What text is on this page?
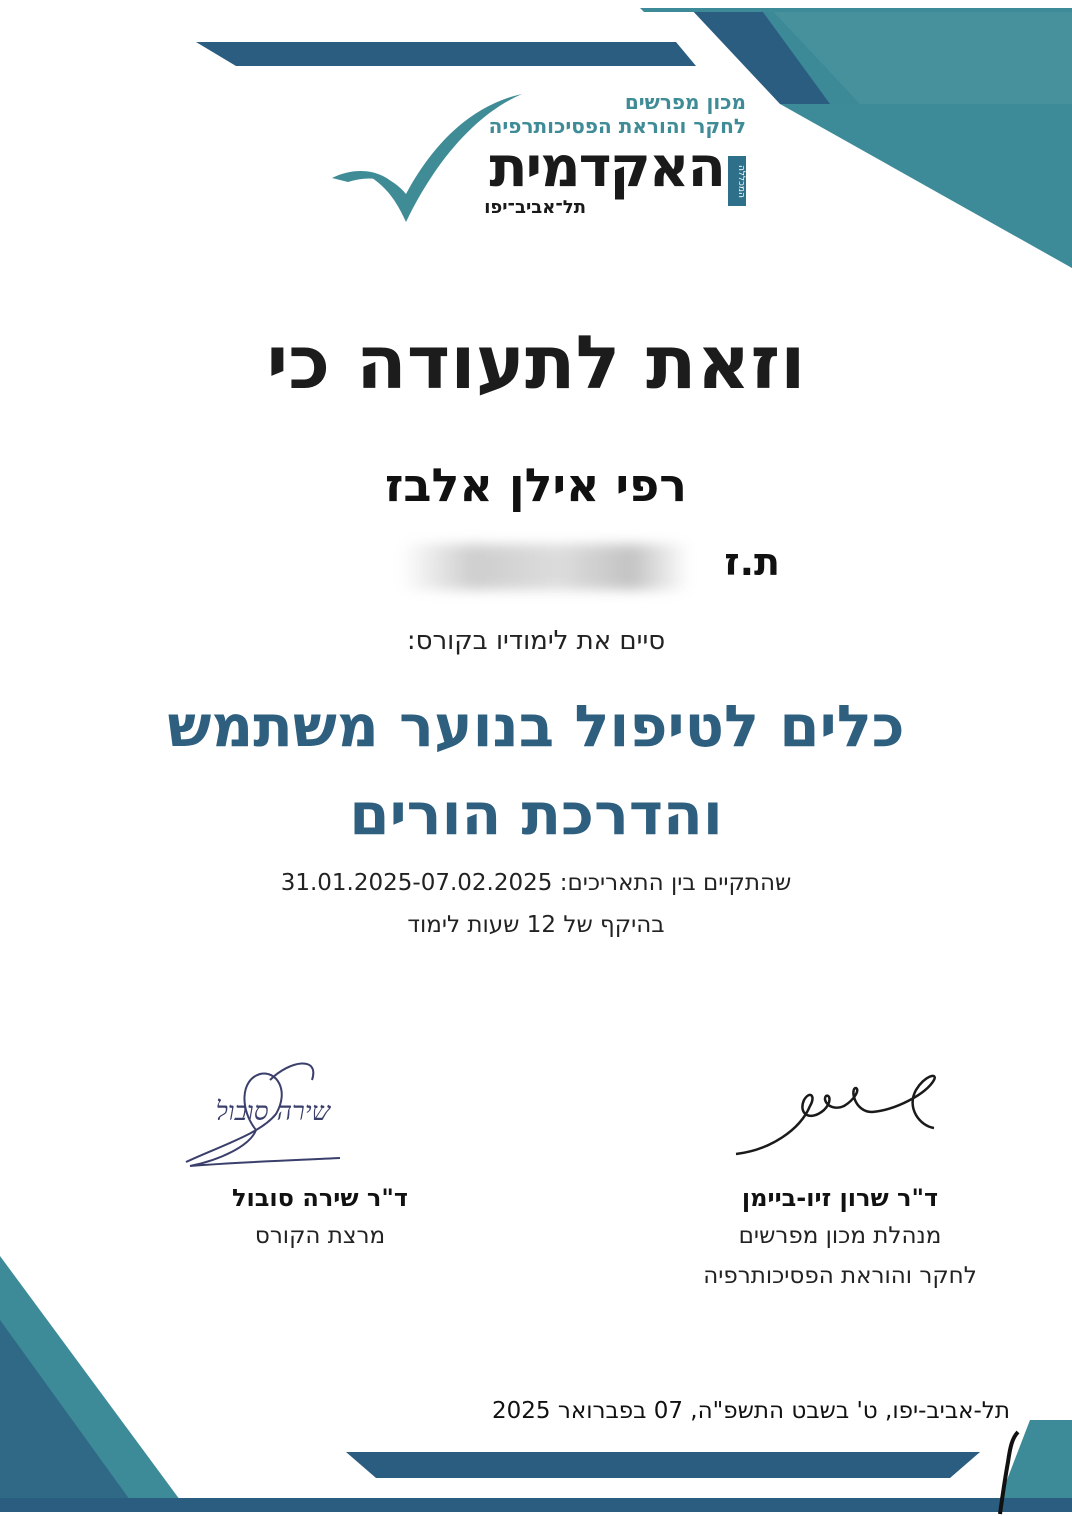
מכון מפרשים
לחקר והוראת הפסיכותרפיה
האקדמית
תל־אביב־יפו
המכללה
וזאת לתעודה כי
רפי אילן אלבז
ת.ז
סיים את לימודיו בקורס:
כלים לטיפול בנוער משתמש
והדרכת הורים
שהתקיים בין התאריכים: 31.01.2025-07.02.2025
בהיקף של 12 שעות לימוד
שירה סובול
ד"ר שירה סובול
מרצת הקורס
ד"ר שרון זיו-ביימן
מנהלת מכון מפרשים
לחקר והוראת הפסיכותרפיה
תל-אביב-יפו, ט' בשבט התשפ"ה, 07 בפברואר 2025
